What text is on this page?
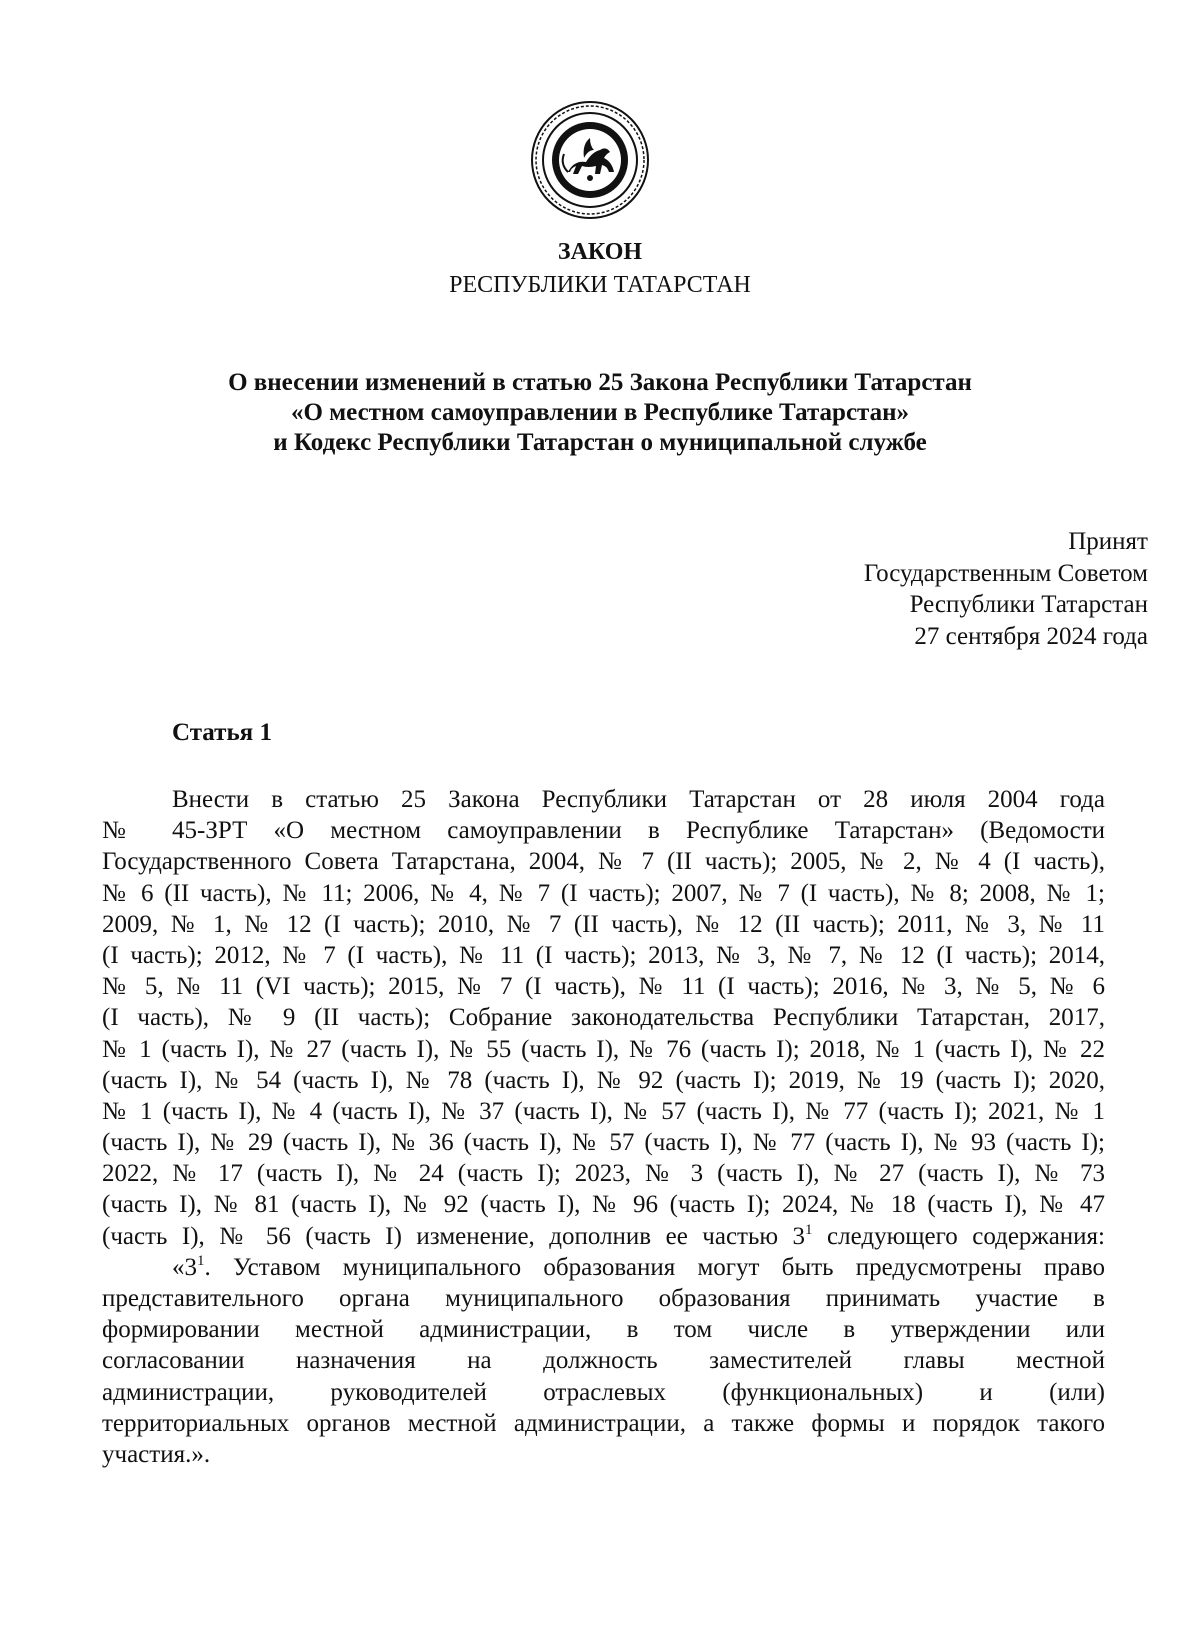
ЗАКОН
РЕСПУБЛИКИ ТАТАРСТАН
О внесении изменений в статью 25 Закона Республики Татарстан
«О местном самоуправлении в Республике Татарстан»
и Кодекс Республики Татарстан о муниципальной службе
Принят
Государственным Советом
Республики Татарстан
27 сентября 2024 года
Статья 1
Внести в статью 25 Закона Республики Татарстан от 28 июля 2004 года
№ 45-ЗРТ «О местном самоуправлении в Республике Татарстан» (Ведомости
Государственного Совета Татарстана, 2004, № 7 (II часть); 2005, № 2, № 4 (I часть),
№ 6 (II часть), № 11; 2006, № 4, № 7 (I часть); 2007, № 7 (I часть), № 8; 2008, № 1;
2009, № 1, № 12 (I часть); 2010, № 7 (II часть), № 12 (II часть); 2011, № 3, № 11
(I часть); 2012, № 7 (I часть), № 11 (I часть); 2013, № 3, № 7, № 12 (I часть); 2014,
№ 5, № 11 (VI часть); 2015, № 7 (I часть), № 11 (I часть); 2016, № 3, № 5, № 6
(I часть), № 9 (II часть); Собрание законодательства Республики Татарстан, 2017,
№ 1 (часть I), № 27 (часть I), № 55 (часть I), № 76 (часть I); 2018, № 1 (часть I), № 22
(часть I), № 54 (часть I), № 78 (часть I), № 92 (часть I); 2019, № 19 (часть I); 2020,
№ 1 (часть I), № 4 (часть I), № 37 (часть I), № 57 (часть I), № 77 (часть I); 2021, № 1
(часть I), № 29 (часть I), № 36 (часть I), № 57 (часть I), № 77 (часть I), № 93 (часть I);
2022, № 17 (часть I), № 24 (часть I); 2023, № 3 (часть I), № 27 (часть I), № 73
(часть I), № 81 (часть I), № 92 (часть I), № 96 (часть I); 2024, № 18 (часть I), № 47
(часть I), № 56 (часть I) изменение, дополнив ее частью $3^1$ следующего содержания:
«$3^1$. Уставом муниципального образования могут быть предусмотрены право
представительного органа муниципального образования принимать участие в
формировании местной администрации, в том числе в утверждении или
согласовании назначения на должность заместителей главы местной
администрации, руководителей отраслевых (функциональных) и (или)
территориальных органов местной администрации, а также формы и порядок такого
участия.».
